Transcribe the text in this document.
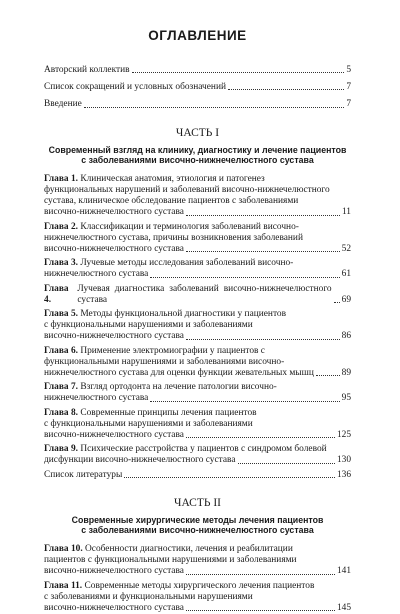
ОГЛАВЛЕНИЕ
Авторский коллектив	5
Список сокращений и условных обозначений	7
Введение	7
ЧАСТЬ I
Современный взгляд на клинику, диагностику и лечение пациентов
с заболеваниями височно-нижнечелюстного сустава
Глава 1. Клиническая анатомия, этиология и патогенез
функциональных нарушений и заболеваний височно-нижнечелюстного
сустава, клиническое обследование пациентов с заболеваниями
височно-нижнечелюстного сустава	11
Глава 2. Классификации и терминология заболеваний височно-
нижнечелюстного сустава, причины возникновения заболеваний
височно-нижнечелюстного сустава	52
Глава 3. Лучевые методы исследования заболеваний височно-
нижнечелюстного сустава	61
Глава 4.

Лучевая диагностика заболеваний височно-нижнечелюстного сустава	69
Глава 5. Методы функциональной диагностики у пациентов
с функциональными нарушениями и заболеваниями
височно-нижнечелюстного сустава	86
Глава 6. Применение электромиографии у пациентов с
функциональными нарушениями и заболеваниями височно-
нижнечелюстного сустава для оценки функции жевательных мышц	89
Глава 7. Взгляд ортодонта на лечение патологии височно-
нижнечелюстного сустава	95
Глава 8. Современные принципы лечения пациентов
с функциональными нарушениями и заболеваниями
височно-нижнечелюстного сустава	125
Глава 9. Психические расстройства у пациентов с синдромом болевой
дисфункции височно-нижнечелюстного сустава	130
Список литературы	136
ЧАСТЬ II
Современные хирургические методы лечения пациентов
с заболеваниями височно-нижнечелюстного сустава
Глава 10. Особенности диагностики, лечения и реабилитации
пациентов с функциональными нарушениями и заболеваниями
височно-нижнечелюстного сустава	141
Глава 11. Современные методы хирургического лечения пациентов
с заболеваниями и функциональными нарушениями
височно-нижнечелюстного сустава	145
